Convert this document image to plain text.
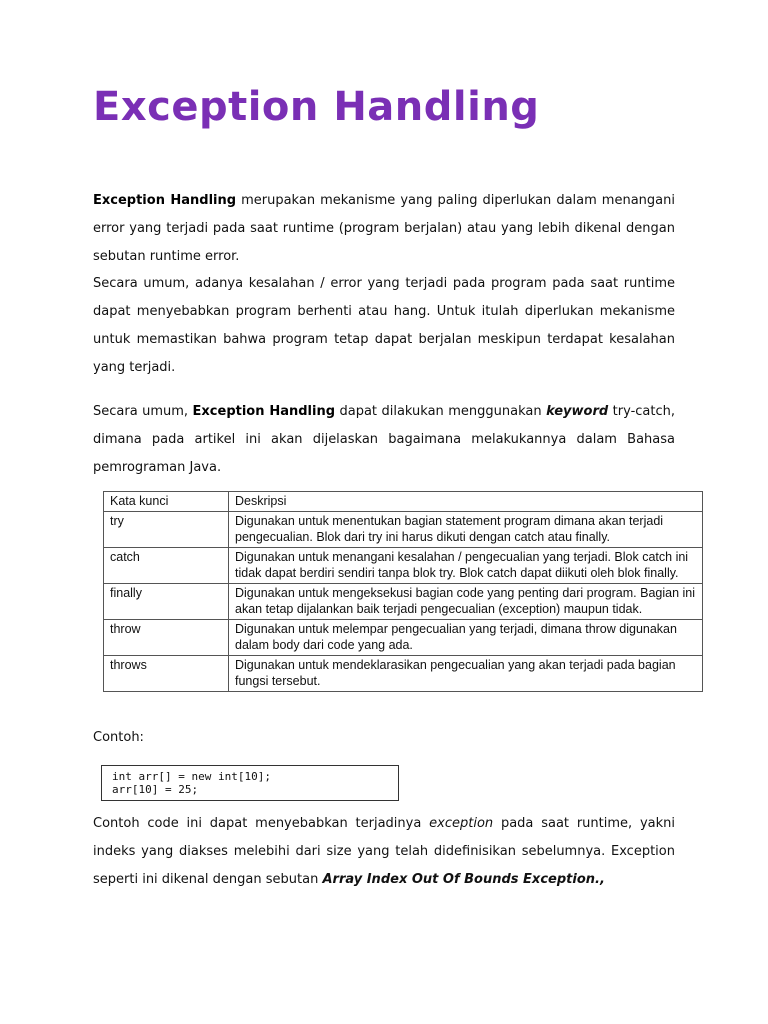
Exception Handling

Exception Handling merupakan mekanisme yang paling diperlukan dalam menangani error yang terjadi pada saat runtime (program berjalan) atau yang lebih dikenal dengan sebutan runtime error.

Secara umum, adanya kesalahan / error yang terjadi pada program pada saat runtime dapat menyebabkan program berhenti atau hang. Untuk itulah diperlukan mekanisme untuk memastikan bahwa program tetap dapat berjalan meskipun terdapat kesalahan yang terjadi.

Secara umum, Exception Handling dapat dilakukan menggunakan keyword try-catch, dimana pada artikel ini akan dijelaskan bagaimana melakukannya dalam Bahasa pemrograman Java.

Kata kunci	Deskripsi
try	Digunakan untuk menentukan bagian statement program dimana akan terjadi pengecualian. Blok dari try ini harus dikuti dengan catch atau finally.
catch	Digunakan untuk menangani kesalahan / pengecualian yang terjadi. Blok catch ini tidak dapat berdiri sendiri tanpa blok try. Blok catch dapat diikuti oleh blok finally.
finally	Digunakan untuk mengeksekusi bagian code yang penting dari program. Bagian ini akan tetap dijalankan baik terjadi pengecualian (exception) maupun tidak.
throw	Digunakan untuk melempar pengecualian yang terjadi, dimana throw digunakan dalam body dari code yang ada.
throws	Digunakan untuk mendeklarasikan pengecualian yang akan terjadi pada bagian fungsi tersebut.
Contoh:
int arr[] = new int[10];
arr[10] = 25;

Contoh code ini dapat menyebabkan terjadinya exception pada saat runtime, yakni indeks yang diakses melebihi dari size yang telah didefinisikan sebelumnya. Exception seperti ini dikenal dengan sebutan Array Index Out Of Bounds Exception.,
